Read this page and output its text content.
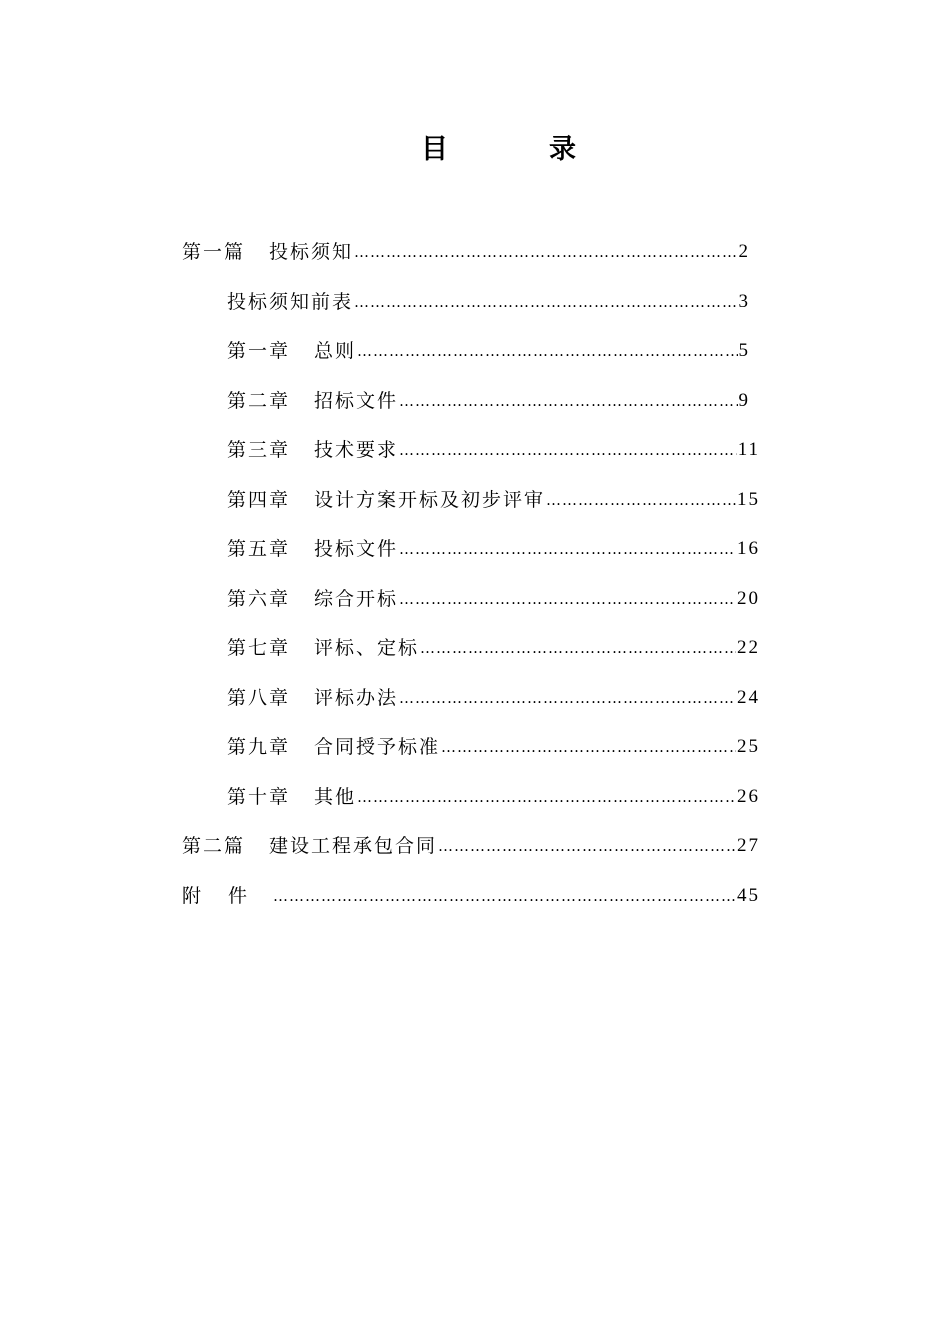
目	录
第一篇 投标须知 …………………………………………………………………………………………………………………………………………………………………………………………………………	2
投标须知前表 …………………………………………………………………………………………………………………………………………………………………………………………………………	3
第一章 总则 …………………………………………………………………………………………………………………………………………………………………………………………………………	5
第二章 招标文件 …………………………………………………………………………………………………………………………………………………………………………………………………………	9
第三章 技术要求 …………………………………………………………………………………………………………………………………………………………………………………………………………	11
第四章 设计方案开标及初步评审 …………………………………………………………………………………………………………………………………………………………………………………………………………	15
第五章 投标文件 …………………………………………………………………………………………………………………………………………………………………………………………………………	16
第六章 综合开标 …………………………………………………………………………………………………………………………………………………………………………………………………………	20
第七章 评标、定标 …………………………………………………………………………………………………………………………………………………………………………………………………………	22
第八章 评标办法 …………………………………………………………………………………………………………………………………………………………………………………………………………	24
第九章 合同授予标准 …………………………………………………………………………………………………………………………………………………………………………………………………………	25
第十章 其他 …………………………………………………………………………………………………………………………………………………………………………………………………………	26
第二篇 建设工程承包合同 …………………………………………………………………………………………………………………………………………………………………………………………………………	27
附 件 …………………………………………………………………………………………………………………………………………………………………………………………………………	45
